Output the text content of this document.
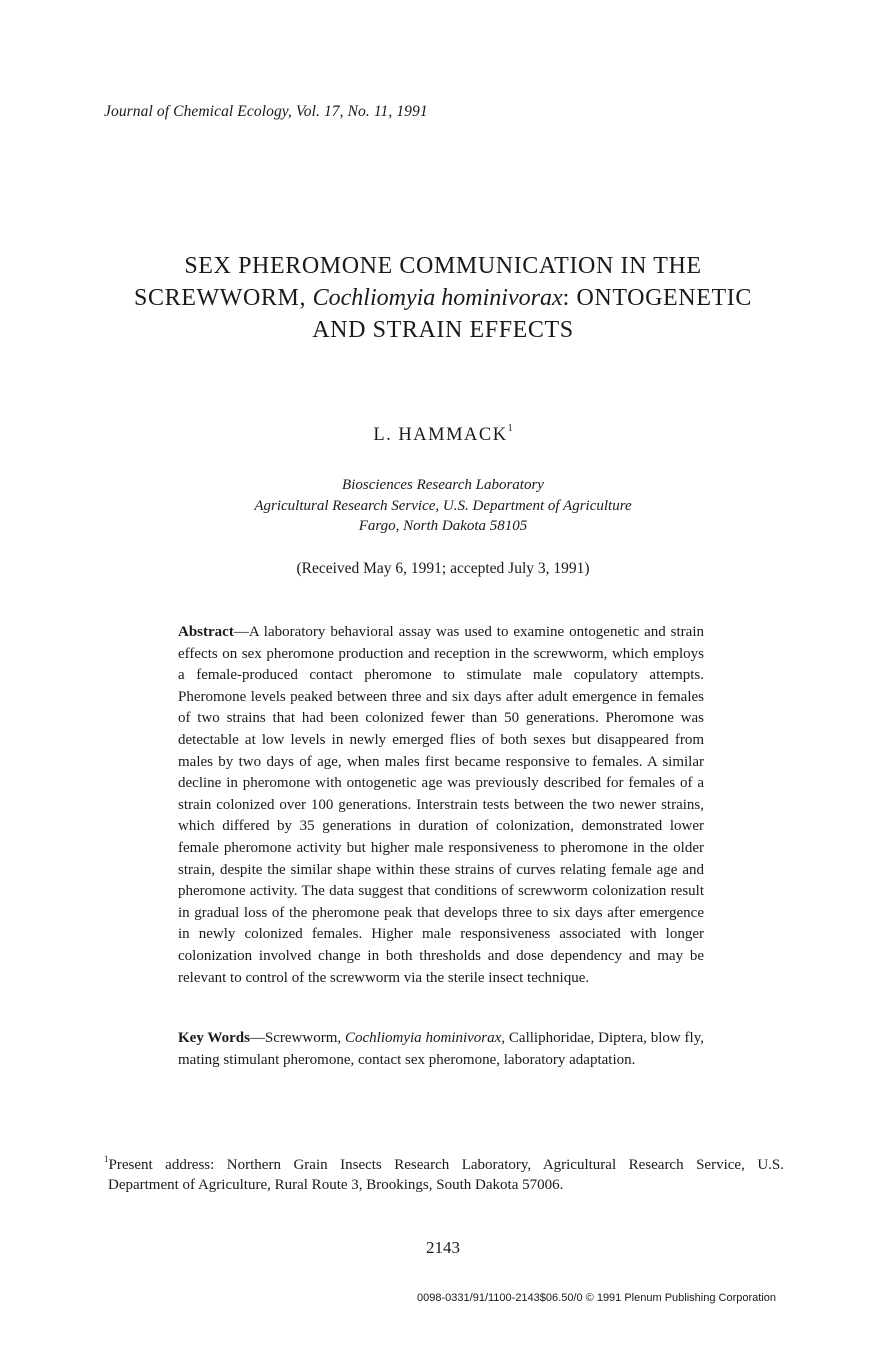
Journal of Chemical Ecology, Vol. 17, No. 11, 1991
SEX PHEROMONE COMMUNICATION IN THE
SCREWWORM, Cochliomyia hominivorax: ONTOGENETIC
AND STRAIN EFFECTS
L. HAMMACK$^1$
Biosciences Research Laboratory
Agricultural Research Service, U.S. Department of Agriculture
Fargo, North Dakota 58105
(Received May 6, 1991; accepted July 3, 1991)
Abstract—A laboratory behavioral assay was used to examine ontogenetic and strain effects on sex pheromone production and reception in the screwworm, which employs a female-produced contact pheromone to stimulate male copulatory attempts. Pheromone levels peaked between three and six days after adult emergence in females of two strains that had been colonized fewer than 50 generations. Pheromone was detectable at low levels in newly emerged flies of both sexes but disappeared from males by two days of age, when males first became responsive to females. A similar decline in pheromone with ontogenetic age was previously described for females of a strain colonized over 100 generations. Interstrain tests between the two newer strains, which differed by 35 generations in duration of colonization, demonstrated lower female pheromone activity but higher male responsiveness to pheromone in the older strain, despite the similar shape within these strains of curves relating female age and pheromone activity. The data suggest that conditions of screwworm colonization result in gradual loss of the pheromone peak that develops three to six days after emergence in newly colonized females. Higher male responsiveness associated with longer colonization involved change in both thresholds and dose dependency and may be relevant to control of the screwworm via the sterile insect technique.
Key Words—Screwworm, Cochliomyia hominivorax, Calliphoridae, Diptera, blow fly, mating stimulant pheromone, contact sex pheromone, laboratory adaptation.
$^1$Present address: Northern Grain Insects Research Laboratory, Agricultural Research Service, U.S.
Department of Agriculture, Rural Route 3, Brookings, South Dakota 57006.
2143
0098-0331/91/1100-2143$06.50/0 © 1991 Plenum Publishing Corporation
